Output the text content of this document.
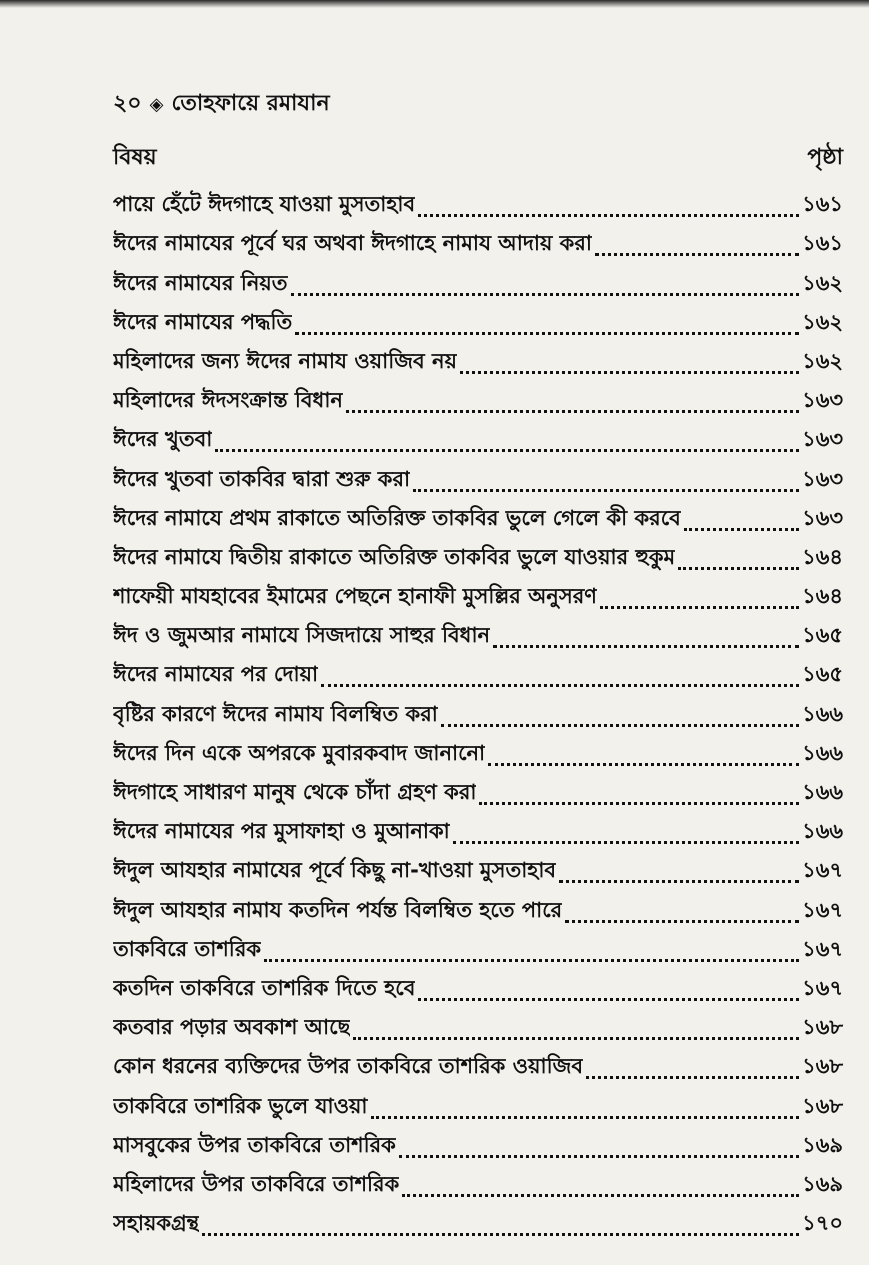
২০ ◈ তোহফায়ে রমাযান
বিষয়	পৃষ্ঠা
পায়ে হেঁটে ঈদগাহে যাওয়া মুসতাহাব	১৬১
ঈদের নামাযের পূর্বে ঘর অথবা ঈদগাহে নামায আদায় করা	১৬১
ঈদের নামাযের নিয়ত	১৬২
ঈদের নামাযের পদ্ধতি	১৬২
মহিলাদের জন্য ঈদের নামায ওয়াজিব নয়	১৬২
মহিলাদের ঈদসংক্রান্ত বিধান	১৬৩
ঈদের খুতবা	১৬৩
ঈদের খুতবা তাকবির দ্বারা শুরু করা	১৬৩
ঈদের নামাযে প্রথম রাকাতে অতিরিক্ত তাকবির ভুলে গেলে কী করবে	১৬৩
ঈদের নামাযে দ্বিতীয় রাকাতে অতিরিক্ত তাকবির ভুলে যাওয়ার হুকুম	১৬৪
শাফেয়ী মাযহাবের ইমামের পেছনে হানাফী মুসল্লির অনুসরণ	১৬৪
ঈদ ও জুমআর নামাযে সিজদায়ে সাহুর বিধান	১৬৫
ঈদের নামাযের পর দোয়া	১৬৫
বৃষ্টির কারণে ঈদের নামায বিলম্বিত করা	১৬৬
ঈদের দিন একে অপরকে মুবারকবাদ জানানো	১৬৬
ঈদগাহে সাধারণ মানুষ থেকে চাঁদা গ্রহণ করা	১৬৬
ঈদের নামাযের পর মুসাফাহা ও মুআনাকা	১৬৬
ঈদুল আযহার নামাযের পূর্বে কিছু না-খাওয়া মুসতাহাব	১৬৭
ঈদুল আযহার নামায কতদিন পর্যন্ত বিলম্বিত হতে পারে	১৬৭
তাকবিরে তাশরিক	১৬৭
কতদিন তাকবিরে তাশরিক দিতে হবে	১৬৭
কতবার পড়ার অবকাশ আছে	১৬৮
কোন ধরনের ব্যক্তিদের উপর তাকবিরে তাশরিক ওয়াজিব	১৬৮
তাকবিরে তাশরিক ভুলে যাওয়া	১৬৮
মাসবুকের উপর তাকবিরে তাশরিক	১৬৯
মহিলাদের উপর তাকবিরে তাশরিক	১৬৯
সহায়কগ্রন্থ	১৭০
